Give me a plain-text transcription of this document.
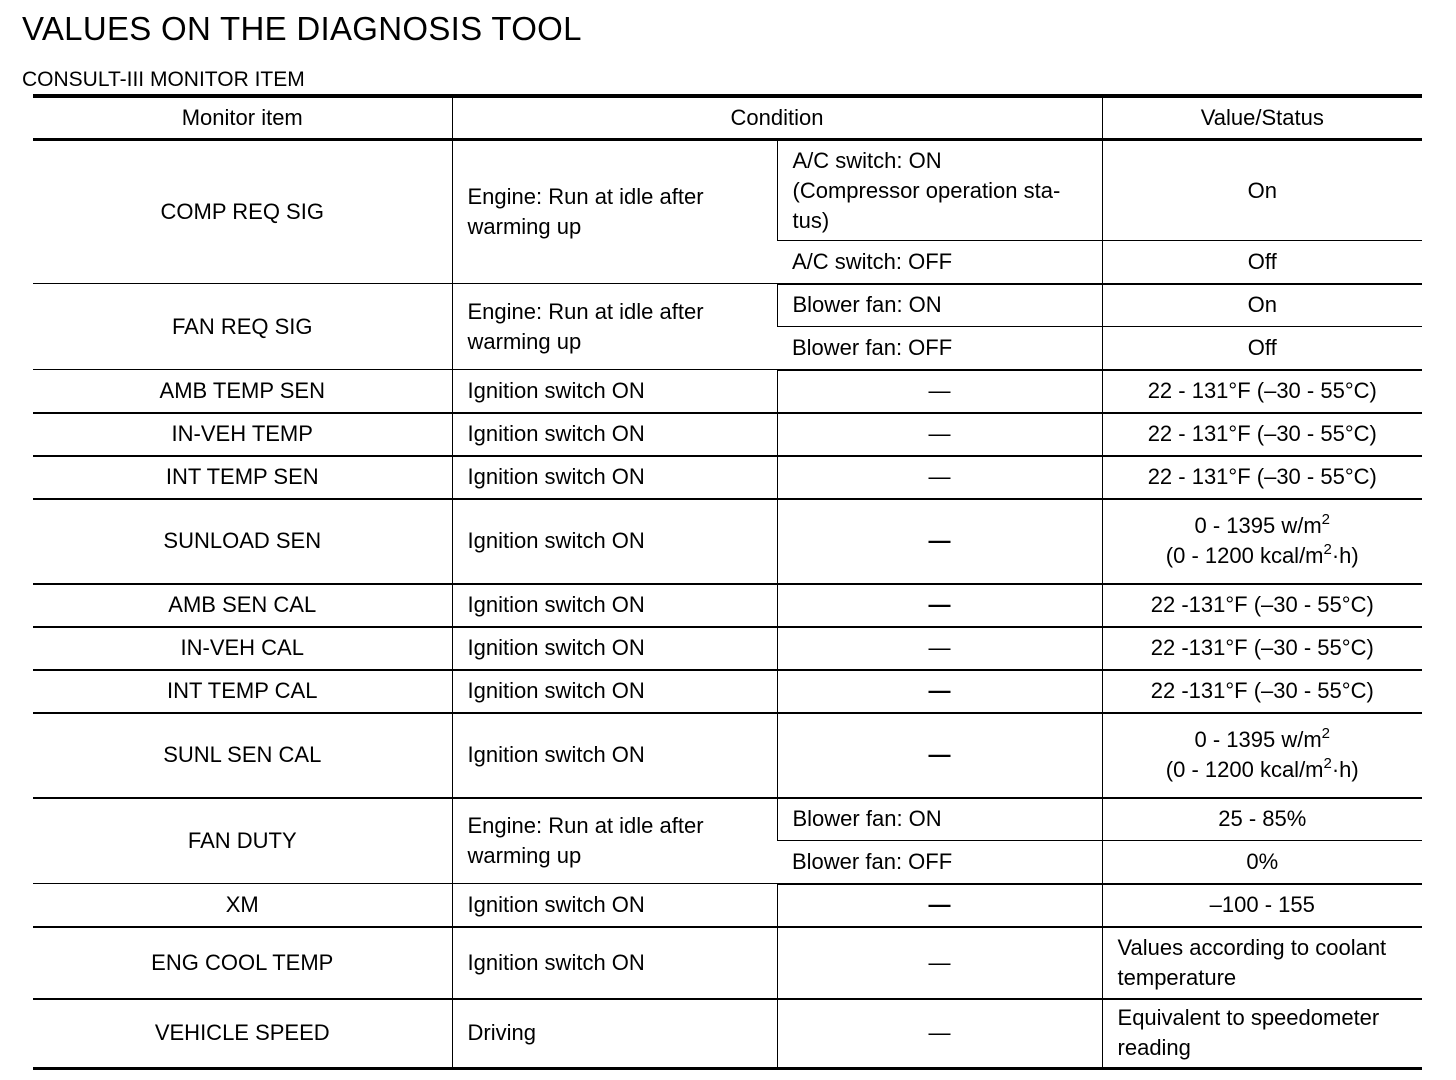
VALUES ON THE DIAGNOSIS TOOL
CONSULT-III MONITOR ITEM
Monitor item	Condition		Value/Status
COMP REQ SIG	Engine: Run at idle after warming up	A/C switch: ON
(Compressor operation sta-
tus)	On
		A/C switch: OFF	Off
FAN REQ SIG	Engine: Run at idle after warming up	Blower fan: ON	On
		Blower fan: OFF	Off
AMB TEMP SEN	Ignition switch ON	—	22 - 131°F (–30 - 55°C)
IN-VEH TEMP	Ignition switch ON	—	22 - 131°F (–30 - 55°C)
INT TEMP SEN	Ignition switch ON	—	22 - 131°F (–30 - 55°C)
SUNLOAD SEN	Ignition switch ON	—	0 - 1395 $w/m^2$
(0 - 1200 kcal/$m^2\cdot h$)

AMB SEN CAL	Ignition switch ON	—	22 -131°F (–30 - 55°C)
IN-VEH CAL	Ignition switch ON	—	22 -131°F (–30 - 55°C)
INT TEMP CAL	Ignition switch ON	—	22 -131°F (–30 - 55°C)
SUNL SEN CAL	Ignition switch ON	—	0 - 1395 $w/m^2$
(0 - 1200 kcal/$m^2\cdot h$)

FAN DUTY	Engine: Run at idle after warming up	Blower fan: ON	25 - 85%
		Blower fan: OFF	0%
XM	Ignition switch ON	—	–100 - 155
ENG COOL TEMP	Ignition switch ON	—	Values according to coolant temperature
VEHICLE SPEED	Driving	—	Equivalent to speedometer reading
